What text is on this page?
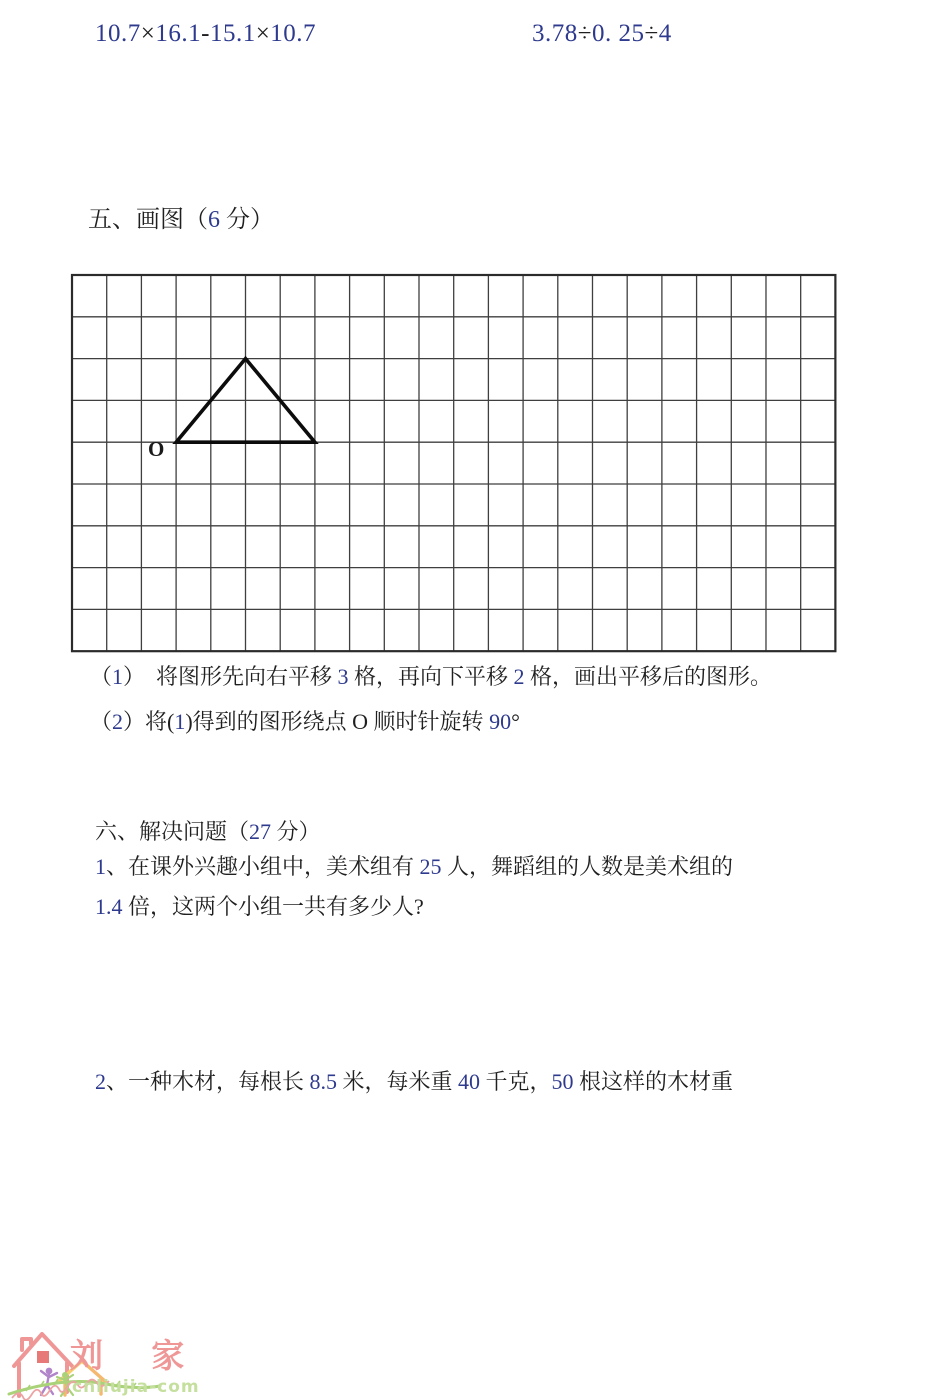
10.7×16.1-15.1×10.7	3.78÷0. 25÷4
五、画图（6 分）
O
（1）　将图形先向右平移 3 格，再向下平移 2 格，画出平移后的图形。
（2）将(1)得到的图形绕点 O 顺时针旋转 90°
六、解决问题（27 分）
1、在课外兴趣小组中，美术组有 25 人，舞蹈组的人数是美术组的
1.4 倍，这两个小组一共有多少人?
2、一种木材，每根长 8.5 米，每米重 40 千克，50 根这样的木材重
刘 家
cnliujia-com
